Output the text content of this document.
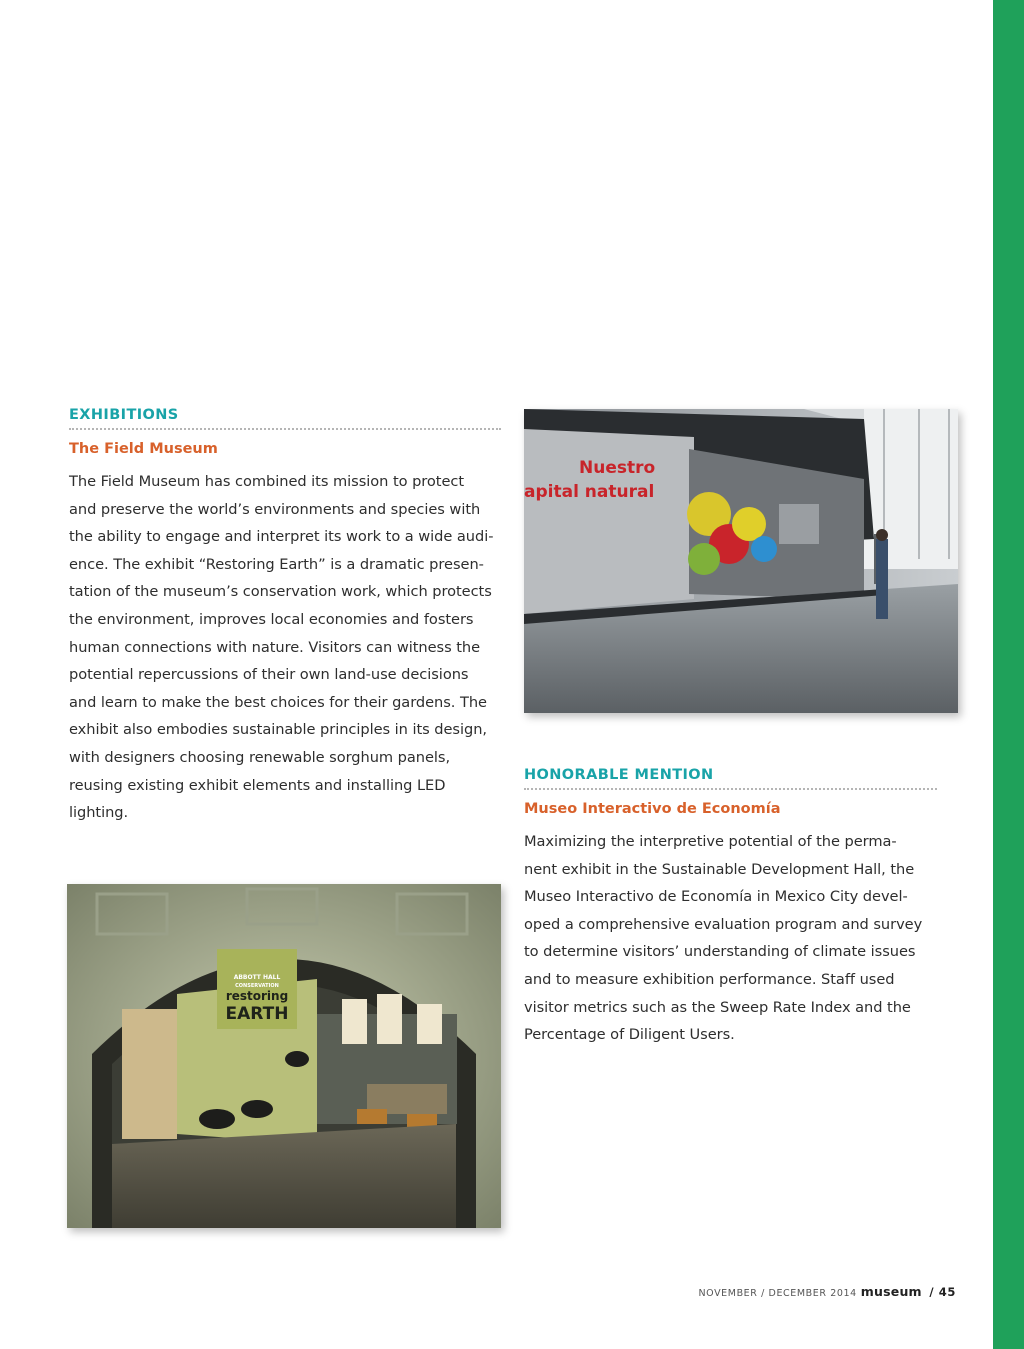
EXHIBITIONS

The Field Museum

The Field Museum has combined its mission to protect
and preserve the world’s environments and species with
the ability to engage and interpret its work to a wide audi-
ence. The exhibit “Restoring Earth” is a dramatic presen-
tation of the museum’s conservation work, which protects
the environment, improves local economies and fosters
human connections with nature. Visitors can witness the
potential repercussions of their own land-use decisions
and learn to make the best choices for their gardens. The
exhibit also embodies sustainable principles in its design,
with designers choosing renewable sorghum panels,
reusing existing exhibit elements and installing LED
lighting.
Nuestro
apital natural

HONORABLE MENTION

Museo Interactivo de Economía

Maximizing the interpretive potential of the perma-
nent exhibit in the Sustainable Development Hall, the
Museo Interactivo de Economía in Mexico City devel-
oped a comprehensive evaluation program and survey
to determine visitors’ understanding of climate issues
and to measure exhibition performance. Staff used
visitor metrics such as the Sweep Rate Index and the
Percentage of Diligent Users.
ABBOTT HALL
CONSERVATION
restoring
EARTH

NOVEMBER / DECEMBER 2014 museum / 45
